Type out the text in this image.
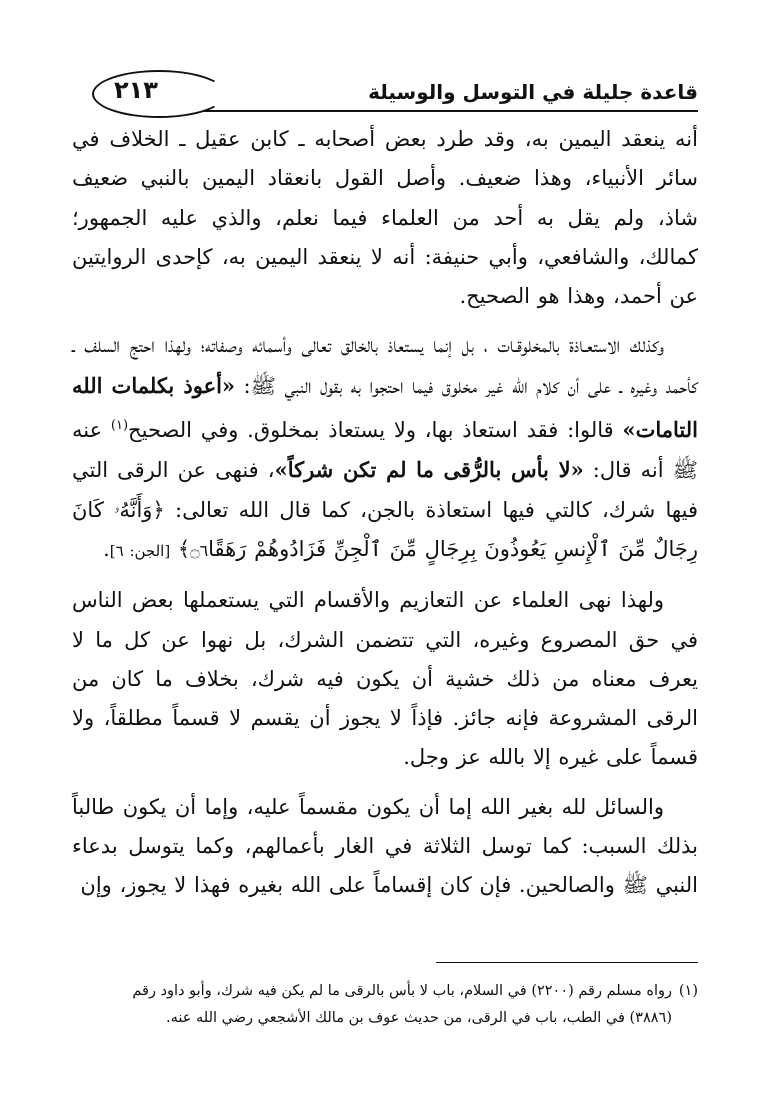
قاعدة جليلة في التوسل والوسيلة
٢١٣

أنه ينعقد اليمين به، وقد طرد بعض أصحابه ـ كابن عقيل ـ الخلاف في سائر الأنبياء، وهذا ضعيف. وأصل القول بانعقاد اليمين بالنبي ضعيف شاذ، ولم يقل به أحد من العلماء فيما نعلم، والذي عليه الجمهور؛ كمالك، والشافعي، وأبي حنيفة: أنه لا ينعقد اليمين به، كإحدى الروايتين عن أحمد، وهذا هو الصحيح.

وكذلك الاستعـاذة بالمخلوقـات ، بل إنما يستعاذ بالخالق تعالى وأسمائه وصفاته؛ ولهذا احتج السلف ـ كأحمد وغيره ـ على أن كلام الله غير مخلوق فيما احتجوا به بقول النبي ﷺ: «أعوذ بكلمات الله التامات» قالوا: فقد استعاذ بها، ولا يستعاذ بمخلوق. وفي الصحيح$^{(١)}$ عنه ﷺ أنه قال: «لا بأس بالرُّقى ما لم تكن شركاً»، فنهى عن الرقى التي فيها شرك، كالتي فيها استعاذة بالجن، كما قال الله تعالى: ﴿وَأَنَّهُۥ كَانَ رِجَالٌ مِّنَ ٱلْإِنسِ يَعُوذُونَ بِرِجَالٍ مِّنَ ٱلْجِنِّ فَزَادُوهُمْ رَهَقًا۝٦﴾ [الجن: ٦].

ولهذا نهى العلماء عن التعازيم والأقسام التي يستعملها بعض الناس في حق المصروع وغيره، التي تتضمن الشرك، بل نهوا عن كل ما لا يعرف معناه من ذلك خشية أن يكون فيه شرك، بخلاف ما كان من الرقى المشروعة فإنه جائز. فإذاً لا يجوز أن يقسم لا قسماً مطلقاً، ولا قسماً على غيره إلا بالله عز وجل.

والسائل لله بغير الله إما أن يكون مقسماً عليه، وإما أن يكون طالباً بذلك السبب: كما توسل الثلاثة في الغار بأعمالهم، وكما يتوسل بدعاء النبي ﷺ والصالحين. فإن كان إقساماً على الله بغيره فهذا لا يجوز، وإن

(١)رواه مسلم رقم (٢٢٠٠) في السلام، باب لا بأس بالرقى ما لم يكن فيه شرك، وأبو داود رقم

(٣٨٨٦) في الطب، باب في الرقى، من حديث عوف بن مالك الأشجعي رضي الله عنه.
